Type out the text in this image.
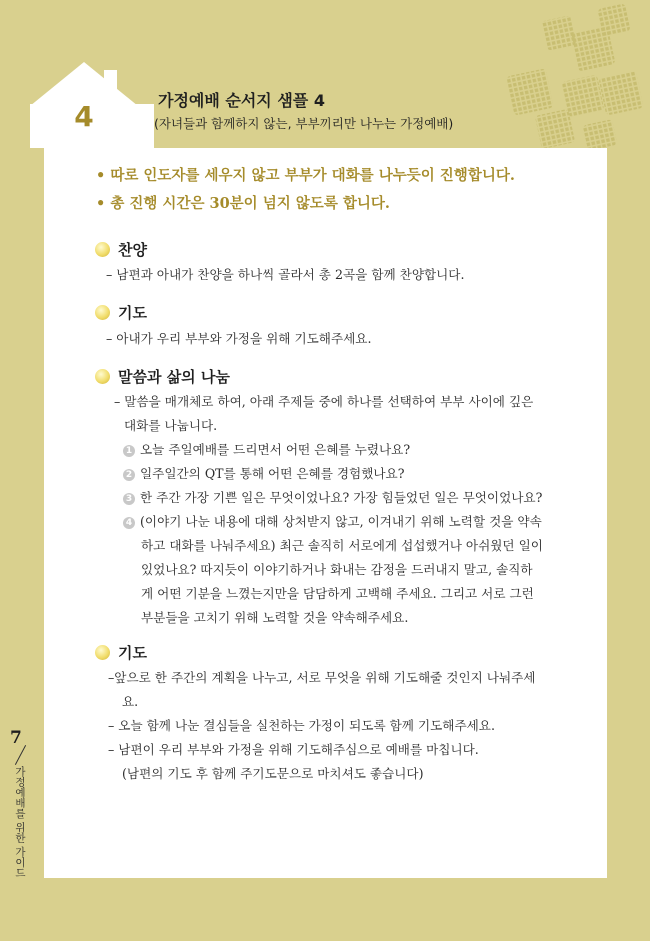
4	가정예배 순서지 샘플 4
(자녀들과 함께하지 않는, 부부끼리만 나누는 가정예배)
• 따로 인도자를 세우지 않고 부부가 대화를 나누듯이 진행합니다.
• 총 진행 시간은 30분이 넘지 않도록 합니다.
찬양
– 남편과 아내가 찬양을 하나씩 골라서 총 2곡을 함께 찬양합니다.
기도
– 아내가 우리 부부와 가정을 위해 기도해주세요.
말씀과 삶의 나눔
– 말씀을 매개체로 하여, 아래 주제들 중에 하나를 선택하여 부부 사이에 깊은
대화를 나눕니다.
1 오늘 주일예배를 드리면서 어떤 은혜를 누렸나요?
2 일주일간의 QT를 통해 어떤 은혜를 경험했나요?
3 한 주간 가장 기쁜 일은 무엇이었나요? 가장 힘들었던 일은 무엇이었나요?
4 (이야기 나눈 내용에 대해 상처받지 않고, 이겨내기 위해 노력할 것을 약속
하고 대화를 나눠주세요) 최근 솔직히 서로에게 섭섭했거나 아쉬웠던 일이
있었나요? 따지듯이 이야기하거나 화내는 감정을 드러내지 말고, 솔직하
게 어떤 기분을 느꼈는지만을 담담하게 고백해 주세요. 그리고 서로 그런
부분들을 고치기 위해 노력할 것을 약속해주세요.
기도
–앞으로 한 주간의 계획을 나누고, 서로 무엇을 위해 기도해줄 것인지 나눠주세
요.
– 오늘 함께 나눈 결심들을 실천하는 가정이 되도록 함께 기도해주세요.
– 남편이 우리 부부와 가정을 위해 기도해주심으로 예배를 마칩니다.
(남편의 기도 후 함께 주기도문으로 마치셔도 좋습니다)
7
가정예배를 위한 가이드
